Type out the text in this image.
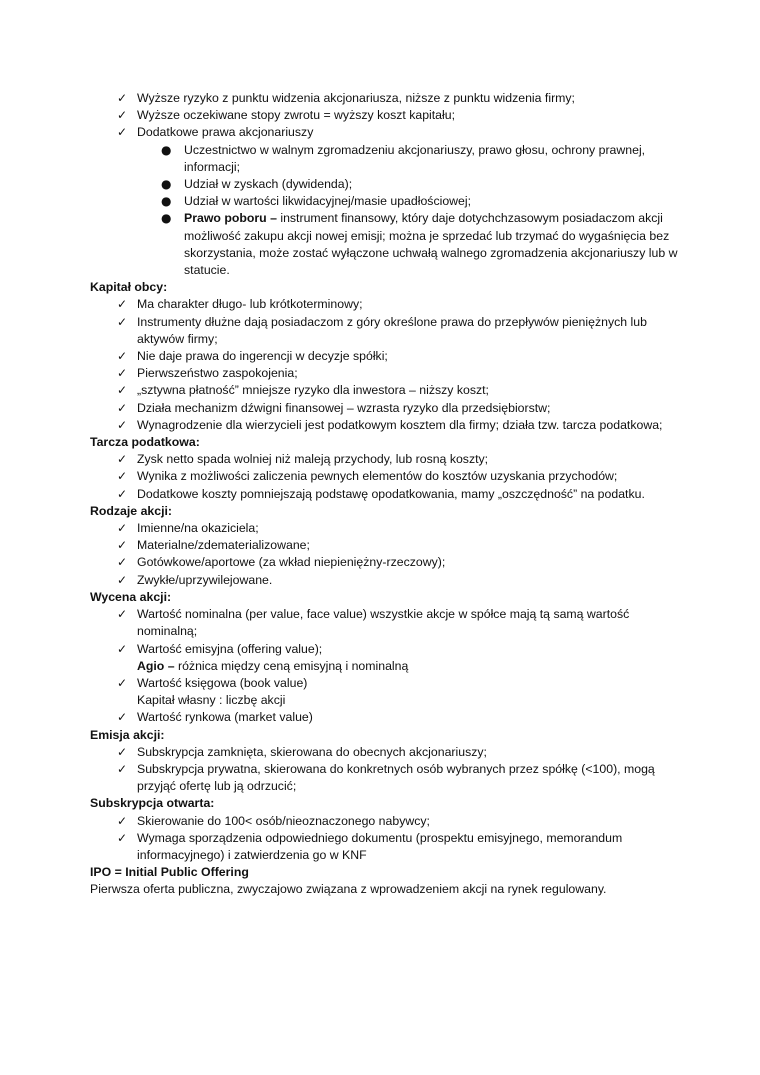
✓ Wyższe ryzyko z punktu widzenia akcjonariusza, niższe z punktu widzenia firmy;
✓ Wyższe oczekiwane stopy zwrotu = wyższy koszt kapitału;
✓ Dodatkowe prawa akcjonariuszy
● Uczestnictwo w walnym zgromadzeniu akcjonariuszy, prawo głosu, ochrony prawnej, informacji;
● Udział w zyskach (dywidenda);
● Udział w wartości likwidacyjnej/masie upadłościowej;
● Prawo poboru – instrument finansowy, który daje dotychchzasowym posiadaczom akcji możliwość zakupu akcji nowej emisji; można je sprzedać lub trzymać do wygaśnięcia bez skorzystania, może zostać wyłączone uchwałą walnego zgromadzenia akcjonariuszy lub w statucie.
Kapitał obcy:
✓ Ma charakter długo- lub krótkoterminowy;
✓ Instrumenty dłużne dają posiadaczom z góry określone prawa do przepływów pieniężnych lub aktywów firmy;
✓ Nie daje prawa do ingerencji w decyzje spółki;
✓ Pierwszeństwo zaspokojenia;
✓ „sztywna płatność” mniejsze ryzyko dla inwestora – niższy koszt;
✓ Działa mechanizm dźwigni finansowej – wzrasta ryzyko dla przedsiębiorstw;
✓ Wynagrodzenie dla wierzycieli jest podatkowym kosztem dla firmy; działa tzw. tarcza podatkowa;
Tarcza podatkowa:
✓ Zysk netto spada wolniej niż maleją przychody, lub rosną koszty;
✓ Wynika z możliwości zaliczenia pewnych elementów do kosztów uzyskania przychodów;
✓ Dodatkowe koszty pomniejszają podstawę opodatkowania, mamy „oszczędność” na podatku.
Rodzaje akcji:
✓ Imienne/na okaziciela;
✓ Materialne/zdematerializowane;
✓ Gotówkowe/aportowe (za wkład niepieniężny-rzeczowy);
✓ Zwykłe/uprzywilejowane.
Wycena akcji:
✓ Wartość nominalna (per value, face value) wszystkie akcje w spółce mają tą samą wartość nominalną;
✓ Wartość emisyjna (offering value);
Agio – różnica między ceną emisyjną i nominalną
✓ Wartość księgowa (book value)
Kapitał własny : liczbę akcji
✓ Wartość rynkowa (market value)
Emisja akcji:
✓ Subskrypcja zamknięta, skierowana do obecnych akcjonariuszy;
✓ Subskrypcja prywatna, skierowana do konkretnych osób wybranych przez spółkę (<100), mogą przyjąć ofertę lub ją odrzucić;
Subskrypcja otwarta:
✓ Skierowanie do 100< osób/nieoznaczonego nabywcy;
✓ Wymaga sporządzenia odpowiedniego dokumentu (prospektu emisyjnego, memorandum informacyjnego) i zatwierdzenia go w KNF
IPO = Initial Public Offering
Pierwsza oferta publiczna, zwyczajowo związana z wprowadzeniem akcji na rynek regulowany.
